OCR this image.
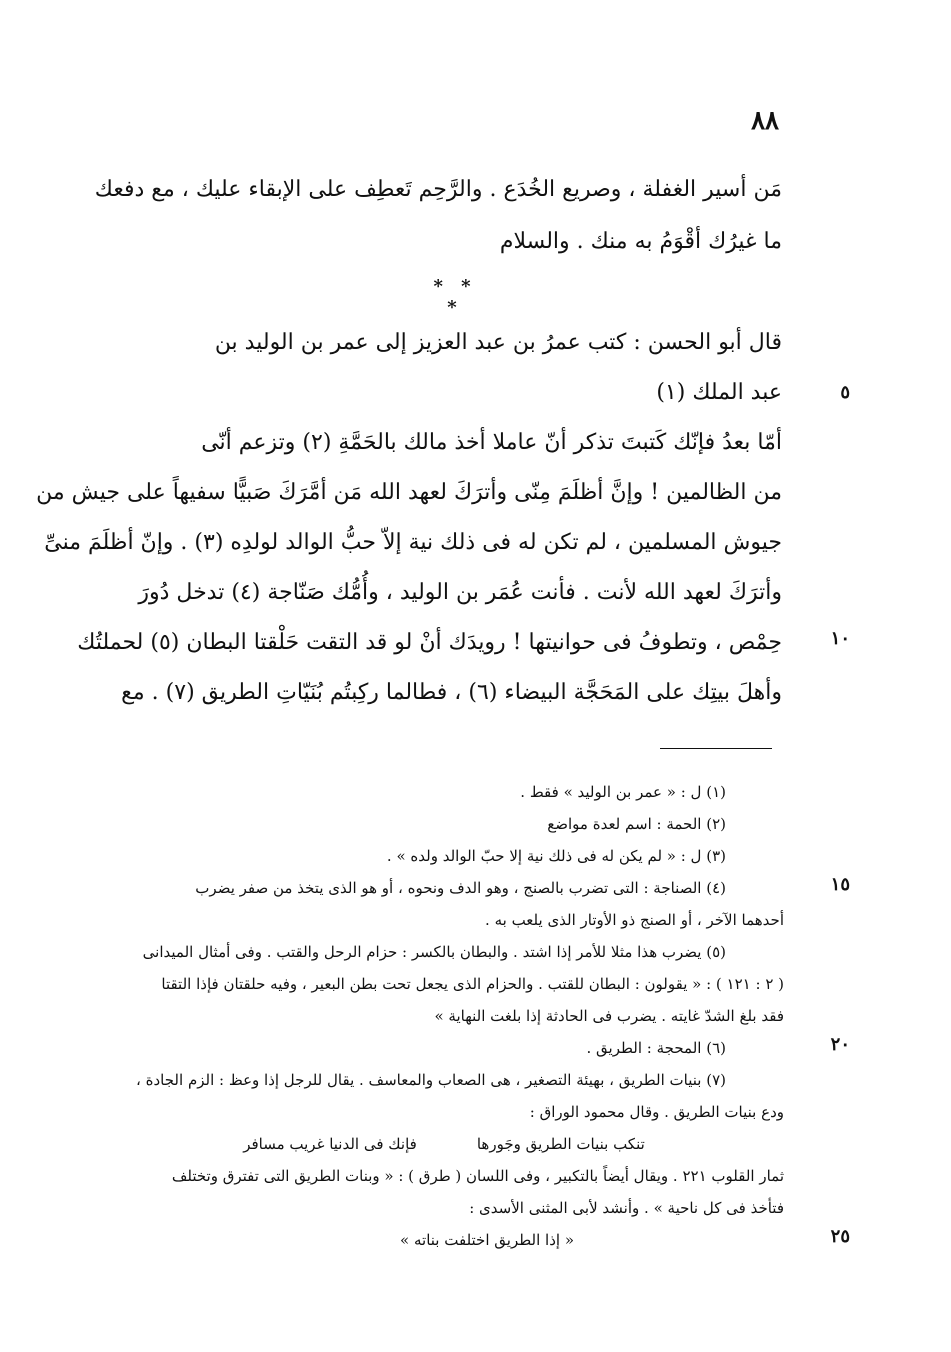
٨٨
مَن أسير الغفلة ، وصريع الخُدَع . والرَّحِم تَعطِف على الإبقاء عليك ، مع دفعك
ما غيرُك أقْوَمُ به منك . والسلام
* * *
قال أبو الحسن : كتب عمرُ بن عبد العزيز إلى عمر بن الوليد بن
عبد الملك (١)	٥
أمّا بعدُ فإنّك كَتبتَ تذكر أنّ عاملا أخذ مالك بالحَمَّةِ (٢) وتزعم أنّى
من الظالمين ! وإنَّ أظلَمَ مِنّى وأترَكَ لعهد الله مَن أمَّرَكَ صَبيًّا سفيهاً على جيش من
جيوش المسلمين ، لم تكن له فى ذلك نية إلاّ حبُّ الوالد لولدِه (٣) . وإنّ أظلَمَ منىِّ
وأترَكَ لعهد الله لأنت . فأنت عُمَر بن الوليد ، وأُمُّك صَنّاجة (٤) تدخل دُورَ
حِمْص ، وتطوفُ فى حوانيتها ! رويدَك أنْ لو قد التقت حَلْقتا البطان (٥) لحملتُك
وأهلَ بيتِك على المَحَجَّة البيضاء (٦) ، فطالما ركِبتُم بُنَيّاتِ الطريق (٧) . مع
١٠
(١) ل : « عمر بن الوليد » فقط .
(٢) الحمة : اسم لعدة مواضع
(٣) ل : « لم يكن له فى ذلك نية إلا حبّ الوالد ولده » .
(٤) الصناجة : التى تضرب بالصنج ، وهو الدف ونحوه ، أو هو الذى يتخذ من صفر يضرب
أحدهما الآخر ، أو الصنج ذو الأوتار الذى يلعب به .
(٥) يضرب هذا مثلا للأمر إذا اشتد . والبطان بالكسر : حزام الرحل والقتب . وفى أمثال الميدانى
( ٢ : ١٢١ ) : « يقولون : البطان للقتب . والحزام الذى يجعل تحت بطن البعير ، وفيه حلقتان فإذا التقتا
فقد بلغ الشدّ غايته . يضرب فى الحادثة إذا بلغت النهاية »
(٦) المحجة : الطريق .
(٧) بنيات الطريق ، بهيئة التصغير ، هى الصعاب والمعاسف . يقال للرجل إذا وعظ : الزم الجادة ،
ودع بنيات الطريق . وقال محمود الوراق :
تنكب بنيات الطريق وجَورها
فإنك فى الدنيا غريب مسافر
ثمار القلوب ٢٢١ . ويقال أيضاً بالتكبير ، وفى اللسان ( طرق ) : « وبنات الطريق التى تفترق وتختلف
فتأخذ فى كل ناحية » . وأنشد لأبى المثنى الأسدى :
« إذا الطريق اختلفت بناته »
١٥
٢٠
٢٥
